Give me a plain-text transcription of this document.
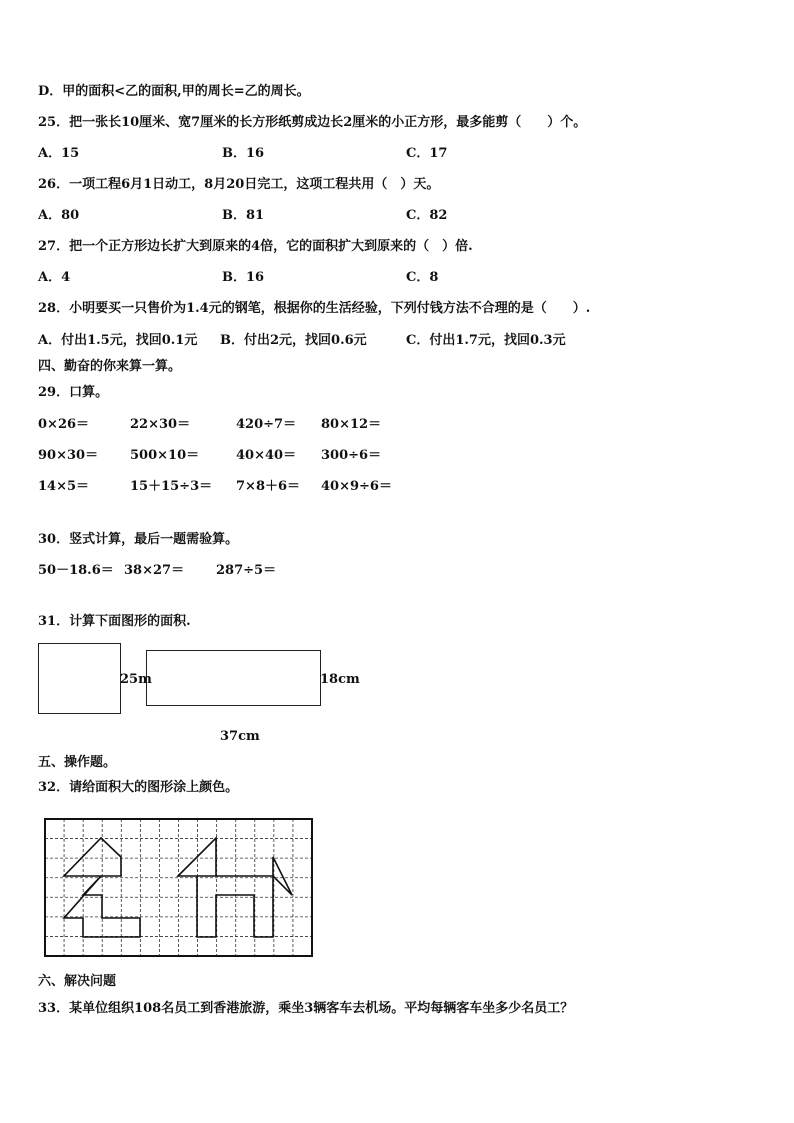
D．甲的面积<乙的面积,甲的周长=乙的周长。
25．把一张长10厘米、宽7厘米的长方形纸剪成边长2厘米的小正方形，最多能剪（　　）个。
A．15	B．16	C．17
26．一项工程6月1日动工，8月20日完工，这项工程共用（　）天。
A．80	B．81	C．82
27．把一个正方形边长扩大到原来的4倍，它的面积扩大到原来的（　）倍.
A．4	B．16	C．8
28．小明要买一只售价为1.4元的钢笔，根据你的生活经验，下列付钱方法不合理的是（　　）.
A．付出1.5元，找回0.1元 B．付出2元，找回0.6元	C．付出1.7元，找回0.3元
四、勤奋的你来算一算。
29．口算。
0×26＝	22×30＝	420÷7＝ 80×12＝
90×30＝ 500×10＝	40×40＝ 300÷6＝
14×5＝	15＋15÷3＝ 7×8＋6＝ 40×9÷6＝
30．竖式计算，最后一题需验算。
50－18.6＝ 38×27＝ 287÷5＝
31．计算下面图形的面积.
25m	18cm
37cm
五、操作题。
32．请给面积大的图形涂上颜色。
六、解决问题
33．某单位组织108名员工到香港旅游，乘坐3辆客车去机场。平均每辆客车坐多少名员工？
